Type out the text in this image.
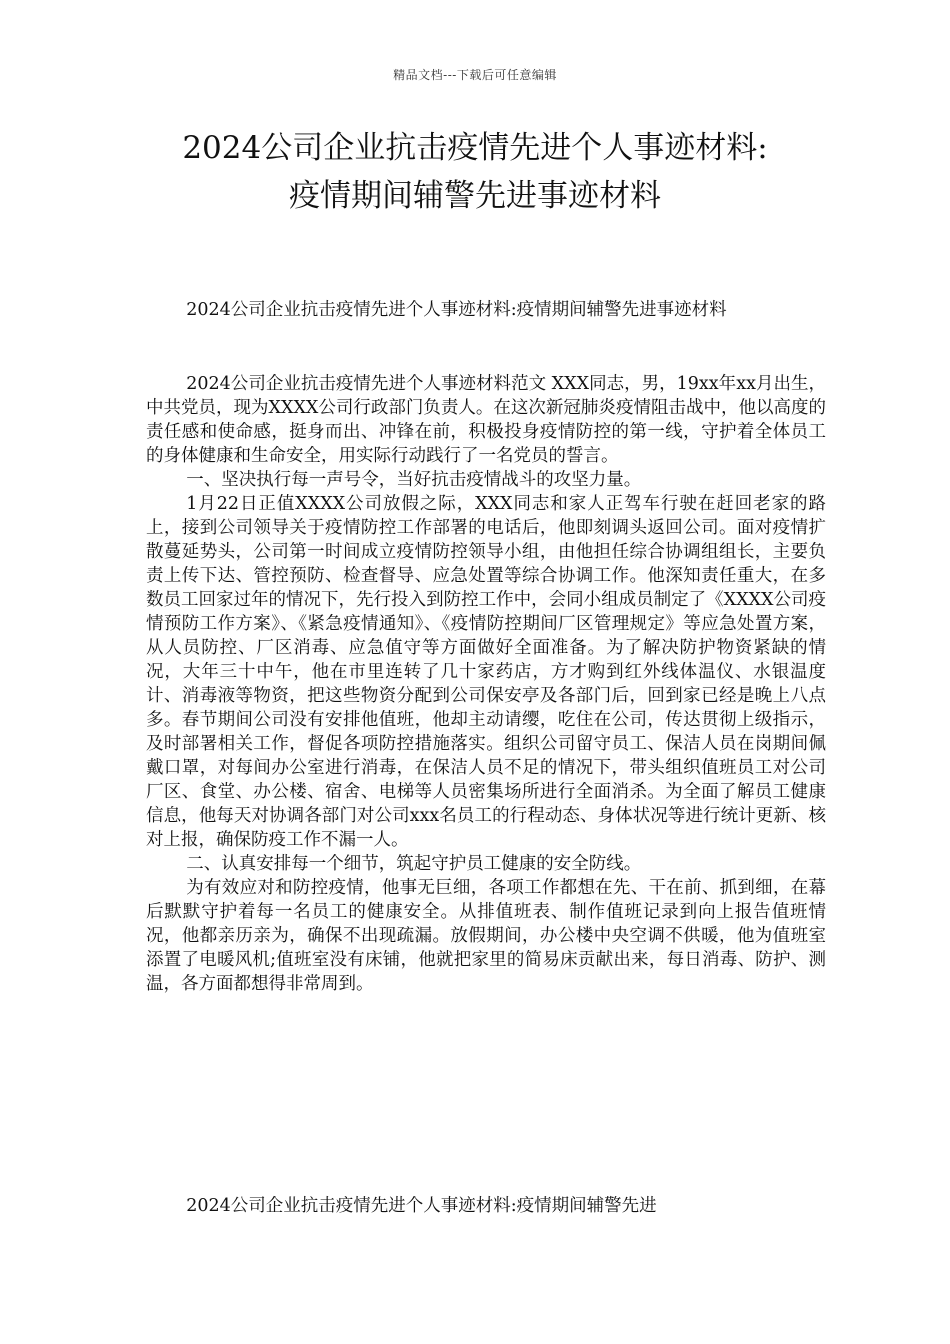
精品文档---下载后可任意编辑
2024公司企业抗击疫情先进个人事迹材料:
疫情期间辅警先进事迹材料

2024公司企业抗击疫情先进个人事迹材料:疫情期间辅警先进事迹材料

2024公司企业抗击疫情先进个人事迹材料范文 XXX同志，男，19xx年xx月出生，中共党员，现为XXXX公司行政部门负责人。在这次新冠肺炎疫情阻击战中，他以高度的责任感和使命感，挺身而出、冲锋在前，积极投身疫情防控的第一线，守护着全体员工的身体健康和生命安全，用实际行动践行了一名党员的誓言。

一、坚决执行每一声号令，当好抗击疫情战斗的攻坚力量。

1月22日正值XXXX公司放假之际，XXX同志和家人正驾车行驶在赶回老家的路上，接到公司领导关于疫情防控工作部署的电话后，他即刻调头返回公司。面对疫情扩散蔓延势头，公司第一时间成立疫情防控领导小组，由他担任综合协调组组长，主要负责上传下达、管控预防、检查督导、应急处置等综合协调工作。他深知责任重大，在多数员工回家过年的情况下，先行投入到防控工作中，会同小组成员制定了《XXXX公司疫情预防工作方案》、《紧急疫情通知》、《疫情防控期间厂区管理规定》等应急处置方案，从人员防控、厂区消毒、应急值守等方面做好全面准备。为了解决防护物资紧缺的情况，大年三十中午，他在市里连转了几十家药店，方才购到红外线体温仪、水银温度计、消毒液等物资，把这些物资分配到公司保安亭及各部门后，回到家已经是晚上八点多。春节期间公司没有安排他值班，他却主动请缨，吃住在公司，传达贯彻上级指示，及时部署相关工作，督促各项防控措施落实。组织公司留守员工、保洁人员在岗期间佩戴口罩，对每间办公室进行消毒，在保洁人员不足的情况下，带头组织值班员工对公司厂区、食堂、办公楼、宿舍、电梯等人员密集场所进行全面消杀。为全面了解员工健康信息，他每天对协调各部门对公司xxx名员工的行程动态、身体状况等进行统计更新、核对上报，确保防疫工作不漏一人。

二、认真安排每一个细节，筑起守护员工健康的安全防线。

为有效应对和防控疫情，他事无巨细，各项工作都想在先、干在前、抓到细，在幕后默默守护着每一名员工的健康安全。从排值班表、制作值班记录到向上报告值班情况，他都亲历亲为，确保不出现疏漏。放假期间，办公楼中央空调不供暖，他为值班室添置了电暖风机;值班室没有床铺，他就把家里的简易床贡献出来，每日消毒、防护、测温，各方面都想得非常周到。

2024公司企业抗击疫情先进个人事迹材料:疫情期间辅警先进
